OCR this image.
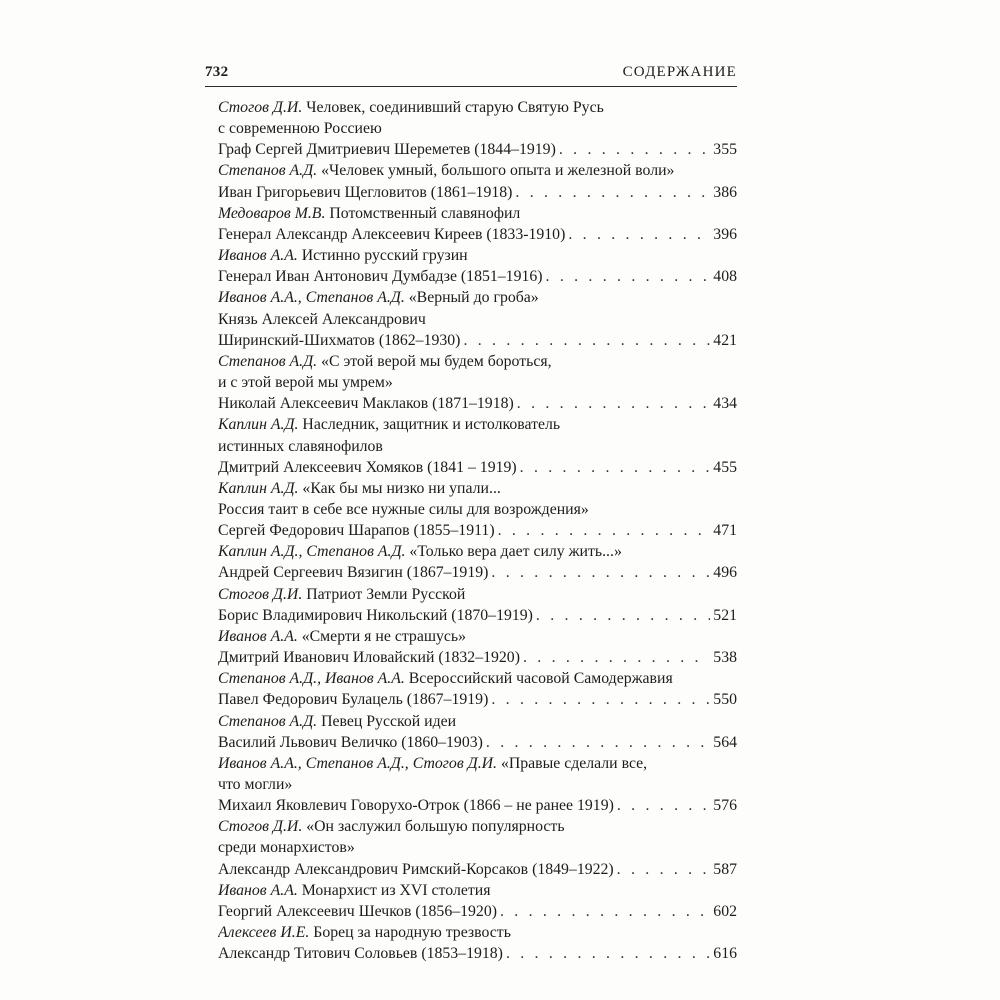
732	СОДЕРЖАНИЕ
Стогов Д.И. Человек, соединивший старую Святую Русь
с современною Россиею
Граф Сергей Дмитриевич Шереметев (1844–1919) . . .	355
Степанов А.Д. «Человек умный, большого опыта и железной воли»
Иван Григорьевич Щегловитов (1861–1918) . . .	386
Медоваров М.В. Потомственный славянофил
Генерал Александр Алексеевич Киреев (1833-1910) . . .	396
Иванов А.А. Истинно русский грузин
Генерал Иван Антонович Думбадзе (1851–1916) . . .	408
Иванов А.А., Степанов А.Д. «Верный до гроба»
Князь Алексей Александрович
Ширинский-Шихматов (1862–1930) . . .	421
Степанов А.Д. «С этой верой мы будем бороться,
и с этой верой мы умрем»
Николай Алексеевич Маклаков (1871–1918) . . .	434
Каплин А.Д. Наследник, защитник и истолкователь
истинных славянофилов
Дмитрий Алексеевич Хомяков (1841 – 1919) . . .	455
Каплин А.Д. «Как бы мы низко ни упали...
Россия таит в себе все нужные силы для возрождения»
Сергей Федорович Шарапов (1855–1911) . . .	471
Каплин А.Д., Степанов А.Д. «Только вера дает силу жить...»
Андрей Сергеевич Вязигин (1867–1919) . . .	496
Стогов Д.И. Патриот Земли Русской
Борис Владимирович Никольский (1870–1919) . . .	521
Иванов А.А. «Смерти я не страшусь»
Дмитрий Иванович Иловайский (1832–1920) . . .	538
Степанов А.Д., Иванов А.А. Всероссийский часовой Самодержавия
Павел Федорович Булацель (1867–1919) . . .	550
Степанов А.Д. Певец Русской идеи
Василий Львович Величко (1860–1903) . . .	564
Иванов А.А., Степанов А.Д., Стогов Д.И. «Правые сделали все,
что могли»
Михаил Яковлевич Говорухо-Отрок (1866 – не ранее 1919) . . .	576
Стогов Д.И. «Он заслужил большую популярность
среди монархистов»
Александр Александрович Римский-Корсаков (1849–1922) . . .	587
Иванов А.А. Монархист из XVI столетия
Георгий Алексеевич Шечков (1856–1920) . . .	602
Алексеев И.Е. Борец за народную трезвость
Александр Титович Соловьев (1853–1918) . . .	616
